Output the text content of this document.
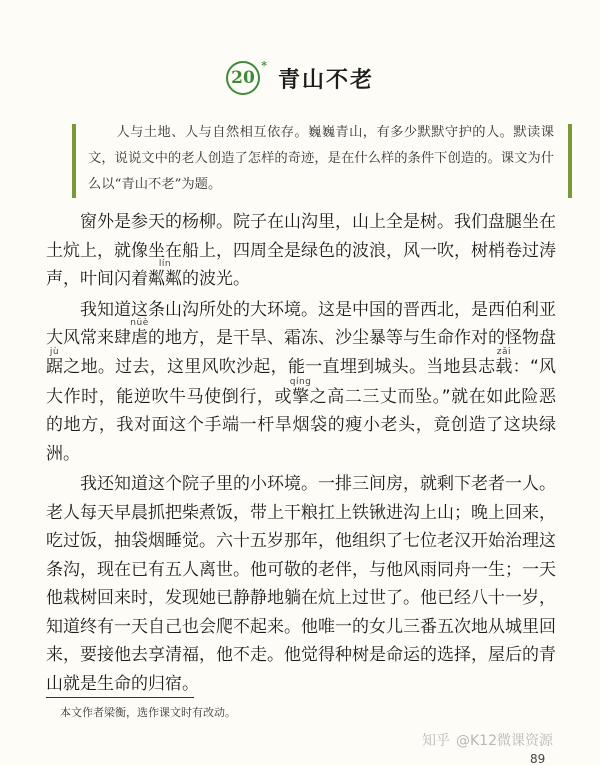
20
*
青山不老
人与土地、人与自然相互依存。巍巍青山，有多少默默守护的人。默读课文，说说文中的老人创造了怎样的奇迹，是在什么样的条件下创造的。课文为什么以“青山不老”为题。

窗外是参天的杨柳。院子在山沟里，山上全是树。我们盘腿坐在土炕上，就像坐在船上，四周全是绿色的波浪，风一吹，树梢卷过涛声，叶间闪着粼粼lín的波光。

我知道这条山沟所处的大环境。这是中国的晋西北，是西伯利亚大风常来肆虐nüè的地方，是干旱、霜冻、沙尘暴等与生命作对的怪物盘踞jù之地。过去，这里风吹沙起，能一直埋到城头。当地县志载zǎi：“风大作时，能逆吹牛马使倒行，或擎qíng之高二三丈而坠。”就在如此险恶的地方，我对面这个手端一杆旱烟袋的瘦小老头，竟创造了这块绿洲。

我还知道这个院子里的小环境。一排三间房，就剩下老者一人。老人每天早晨抓把柴煮饭，带上干粮扛上铁锹进沟上山；晚上回来，吃过饭，抽袋烟睡觉。六十五岁那年，他组织了七位老汉开始治理这条沟，现在已有五人离世。他可敬的老伴，与他风雨同舟一生；一天他栽树回来时，发现她已静静地躺在炕上过世了。他已经八十一岁，知道终有一天自己也会爬不起来。他唯一的女儿三番五次地从城里回来，要接他去享清福，他不走。他觉得种树是命运的选择，屋后的青山就是生命的归宿。

本文作者梁衡，选作课文时有改动。
知乎 @K12微课资源
89
